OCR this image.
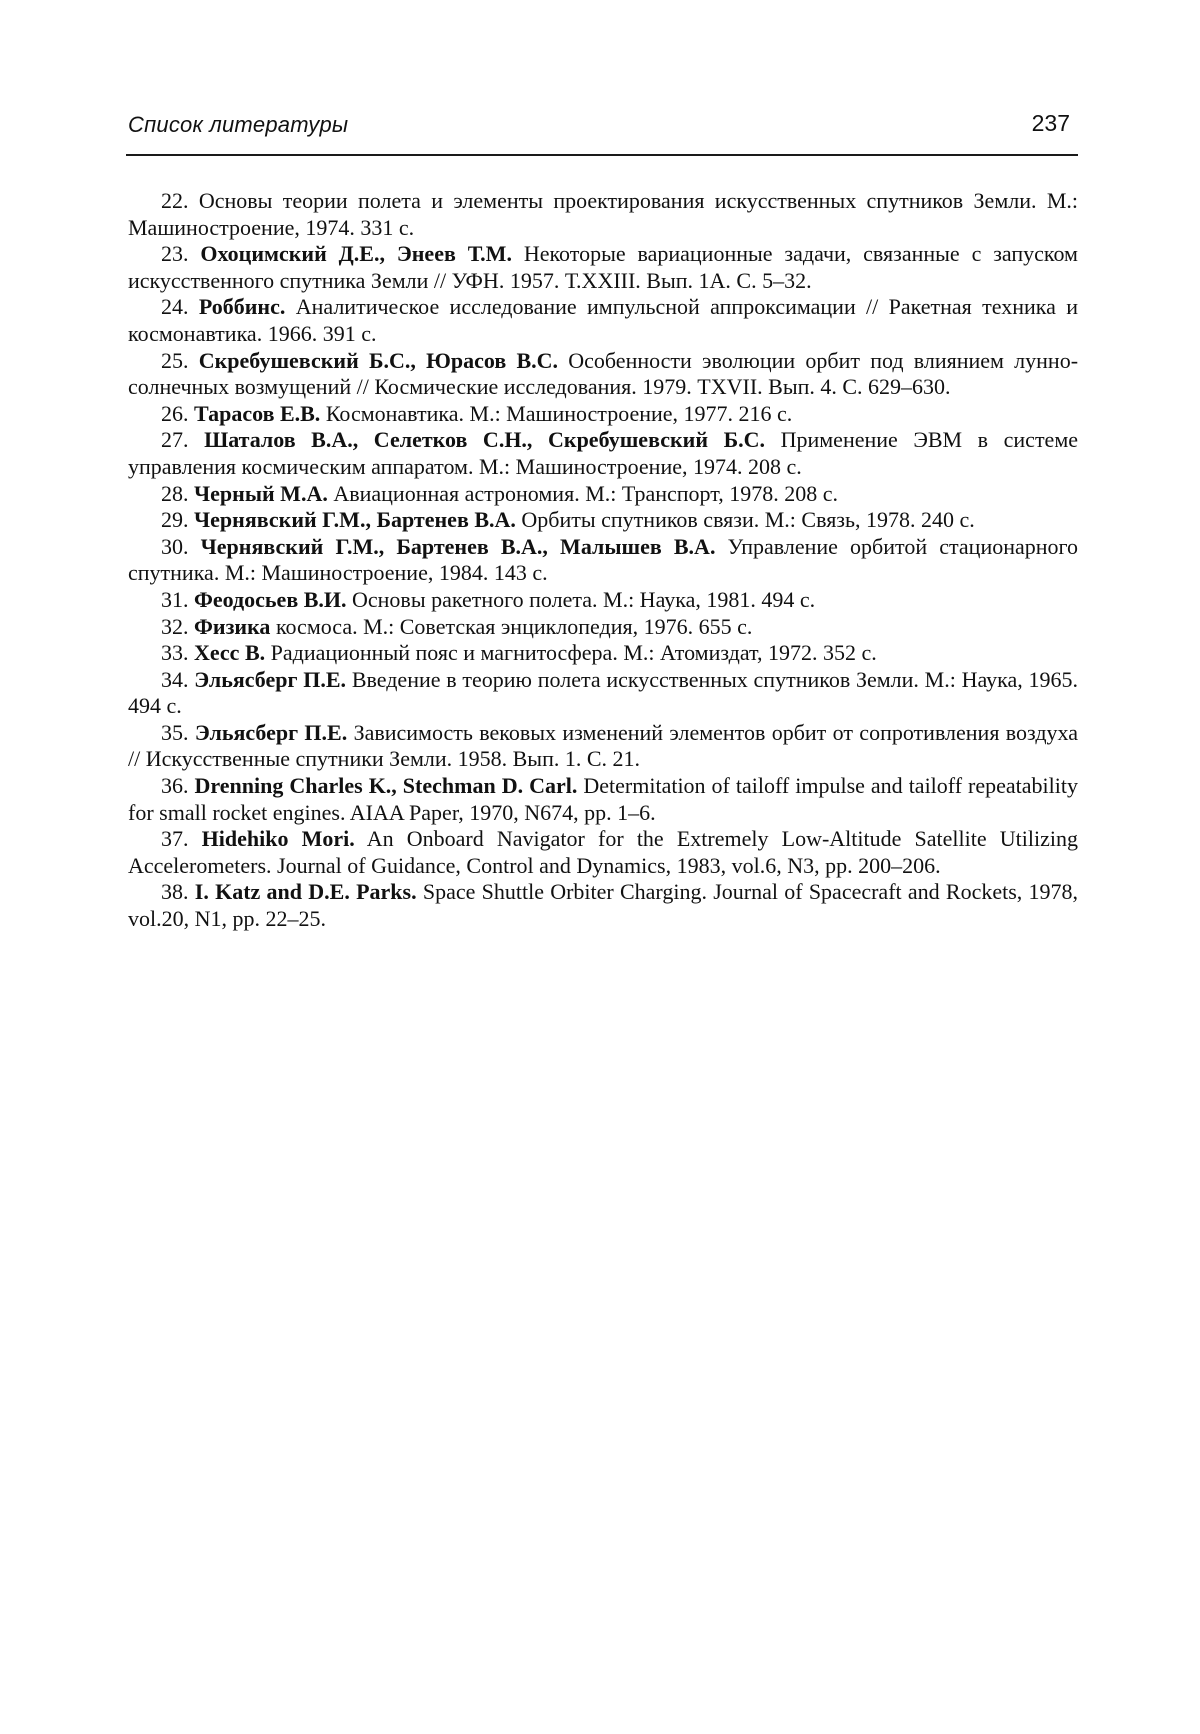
Список литературы	237

22. Основы теории полета и элементы проектирования искусственных спутников Земли. М.: Машиностроение, 1974. 331 с.

23. Охоцимский Д.Е., Энеев Т.М. Некоторые вариационные задачи, связанные с запуском искусственного спутника Земли // УФН. 1957. Т.XXIII. Вып. 1А. С. 5–32.

24. Роббинс. Аналитическое исследование импульсной аппроксимации // Ракетная техника и космонавтика. 1966. 391 с.

25. Скребушевский Б.С., Юрасов В.С. Особенности эволюции орбит под влиянием лунно-солнечных возмущений // Космические исследования. 1979. TXVII. Вып. 4. С. 629–630.

26. Тарасов Е.В. Космонавтика. М.: Машиностроение, 1977. 216 с.

27. Шаталов В.А., Селетков С.Н., Скребушевский Б.С. Применение ЭВМ в системе управления космическим аппаратом. М.: Машиностроение, 1974. 208 с.

28. Черный М.А. Авиационная астрономия. М.: Транспорт, 1978. 208 с.

29. Чернявский Г.М., Бартенев В.А. Орбиты спутников связи. М.: Связь, 1978. 240 с.

30. Чернявский Г.М., Бартенев В.А., Малышев В.А. Управление орбитой стационарного спутника. М.: Машиностроение, 1984. 143 с.

31. Феодосьев В.И. Основы ракетного полета. М.: Наука, 1981. 494 с.

32. Физика космоса. М.: Советская энциклопедия, 1976. 655 с.

33. Хесс В. Радиационный пояс и магнитосфера. М.: Атомиздат, 1972. 352 с.

34. Эльясберг П.Е. Введение в теорию полета искусственных спутников Земли. М.: Наука, 1965. 494 с.

35. Эльясберг П.Е. Зависимость вековых изменений элементов орбит от сопротивления воздуха // Искусственные спутники Земли. 1958. Вып. 1. С. 21.

36. Drenning Charles K., Stechman D. Carl. Determitation of tailoff impulse and tailoff repeatability for small rocket engines. AIAA Paper, 1970, N674, pp. 1–6.

37. Hidehiko Mori. An Onboard Navigator for the Extremely Low-Altitude Satellite Utilizing Accelerometers. Journal of Guidance, Control and Dynamics, 1983, vol.6, N3, pp. 200–206.

38. I. Katz and D.E. Parks. Space Shuttle Orbiter Charging. Journal of Spacecraft and Rockets, 1978, vol.20, N1, pp. 22–25.
